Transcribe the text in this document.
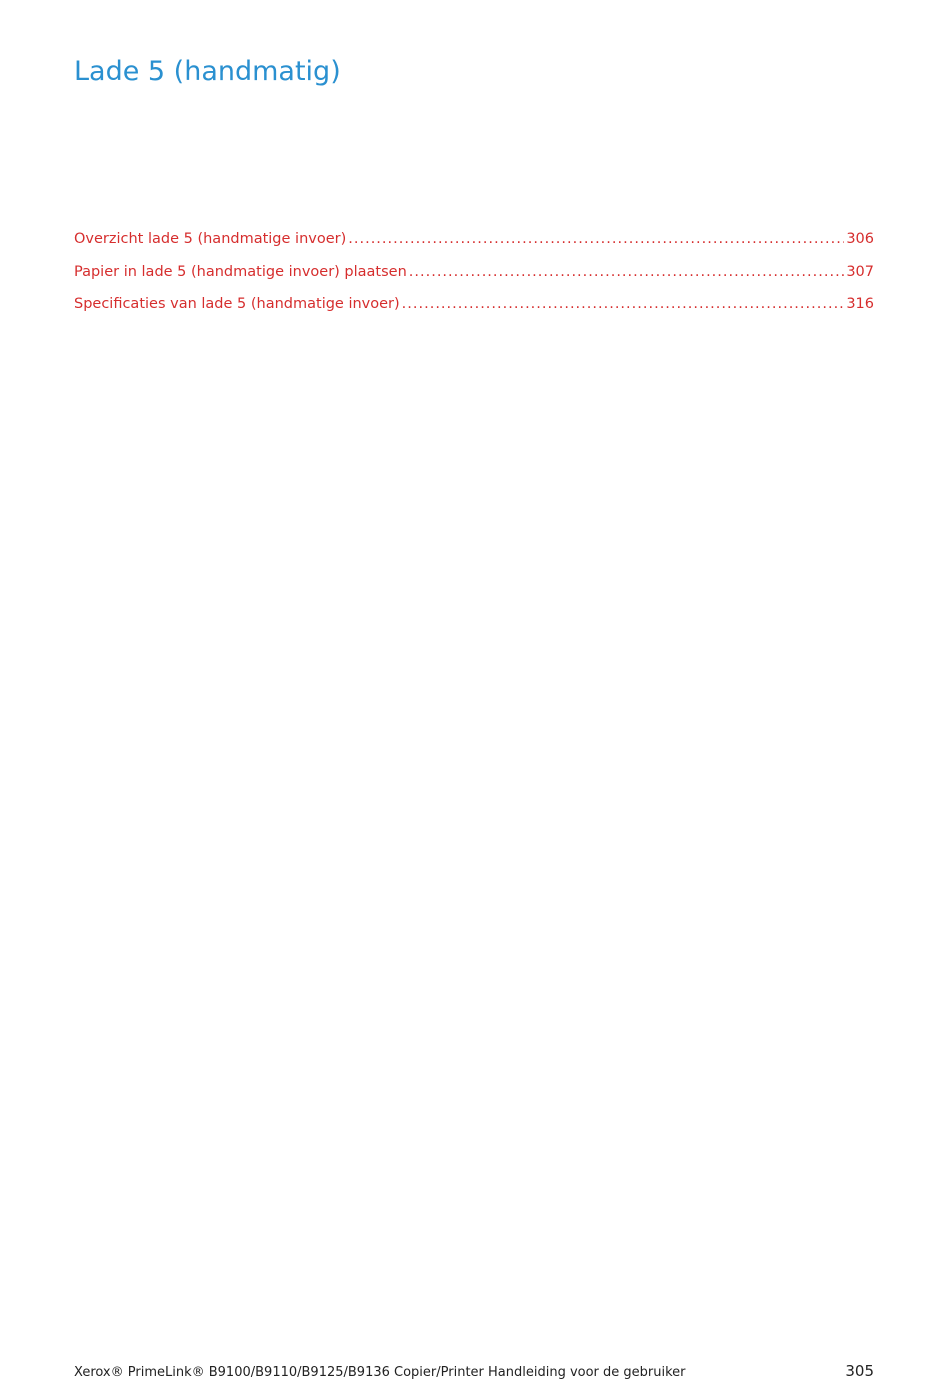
Lade 5 (handmatig)
Overzicht lade 5 (handmatige invoer) .....	306
Papier in lade 5 (handmatige invoer) plaatsen .....	307
Specificaties van lade 5 (handmatige invoer) .....	316
Xerox® PrimeLink® B9100/B9110/B9125/B9136 Copier/Printer Handleiding voor de gebruiker	305
